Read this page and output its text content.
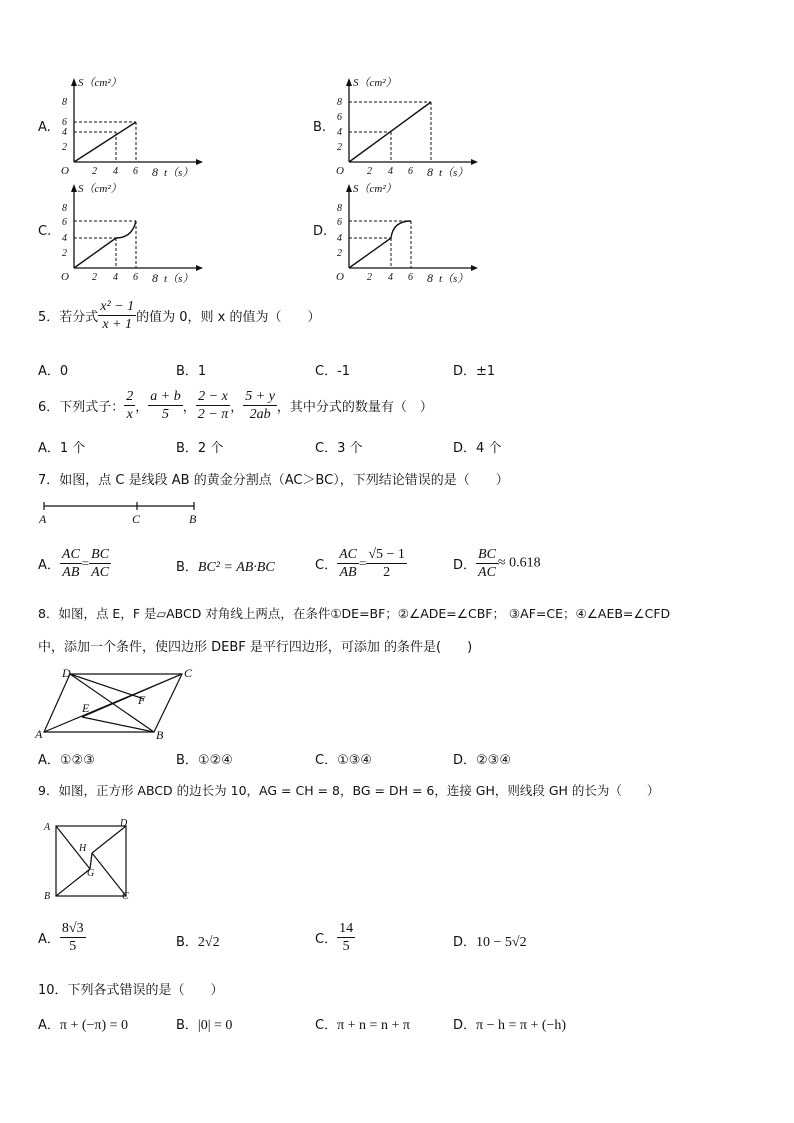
A.
S（cm²）
8
6
4
2
O 2 4 6 8 t（s）
B.
S（cm²）
8
6
4
2
O 2 4 6 8 t（s）
C.
S（cm²）
8
6
4
2
O 2 4 6 8 t（s）
D.
S（cm²）
8
6
4
2
O 2 4 6 8 t（s）
5．若分式 $\frac{\text{x² − 1}}{x + 1}$ 的值为 0，则 x 的值为（　　）
A．0	B．1	C．-1	D．±1
6．下列式子： $\frac{2}{x}$ ， $\frac{a + b}{5}$ ， $\frac{2 - x}{2 - \pi}$ ， $\frac{5 + y}{2ab}$ ，其中分式的数量有（　）
A．1 个	B．2 个	C．3 个	D．4 个
7．如图，点 C 是线段 AB 的黄金分割点（AC＞BC），下列结论错误的是（　　）
A	C	B
A． $\frac{AC}{AB} = \frac{BC}{AC}$	B．BC² = AB·BC	C． $\frac{AC}{AB} = \frac{√5 - 1}{2}$	D． $\frac{BC}{AC} \approx 0.618$
8．如图，点 E，F 是▱ABCD 对角线上两点，在条件①DE=BF；②∠ADE=∠CBF； ③AF=CE；④∠AEB=∠CFD
中，添加一个条件，使四边形 DEBF 是平行四边形，可添加 的条件是(　　)
D	C
A	B
E
F
A．①②③	B．①②④	C．①③④	D．②③④
9．如图，正方形 ABCD 的边长为 10，AG = CH = 8，BG = DH = 6，连接 GH，则线段 GH 的长为（　　）
A	D
B	C
H
G
A． $\frac{8√3}{5}$	B．2√2	C． $\frac{14}{5}$	D．10 − 5√2
10．下列各式错误的是（　　）
A．π + (−π) = 0	B．|0| = 0	C．π + n = n + π	D．π − h = π + (−h)
